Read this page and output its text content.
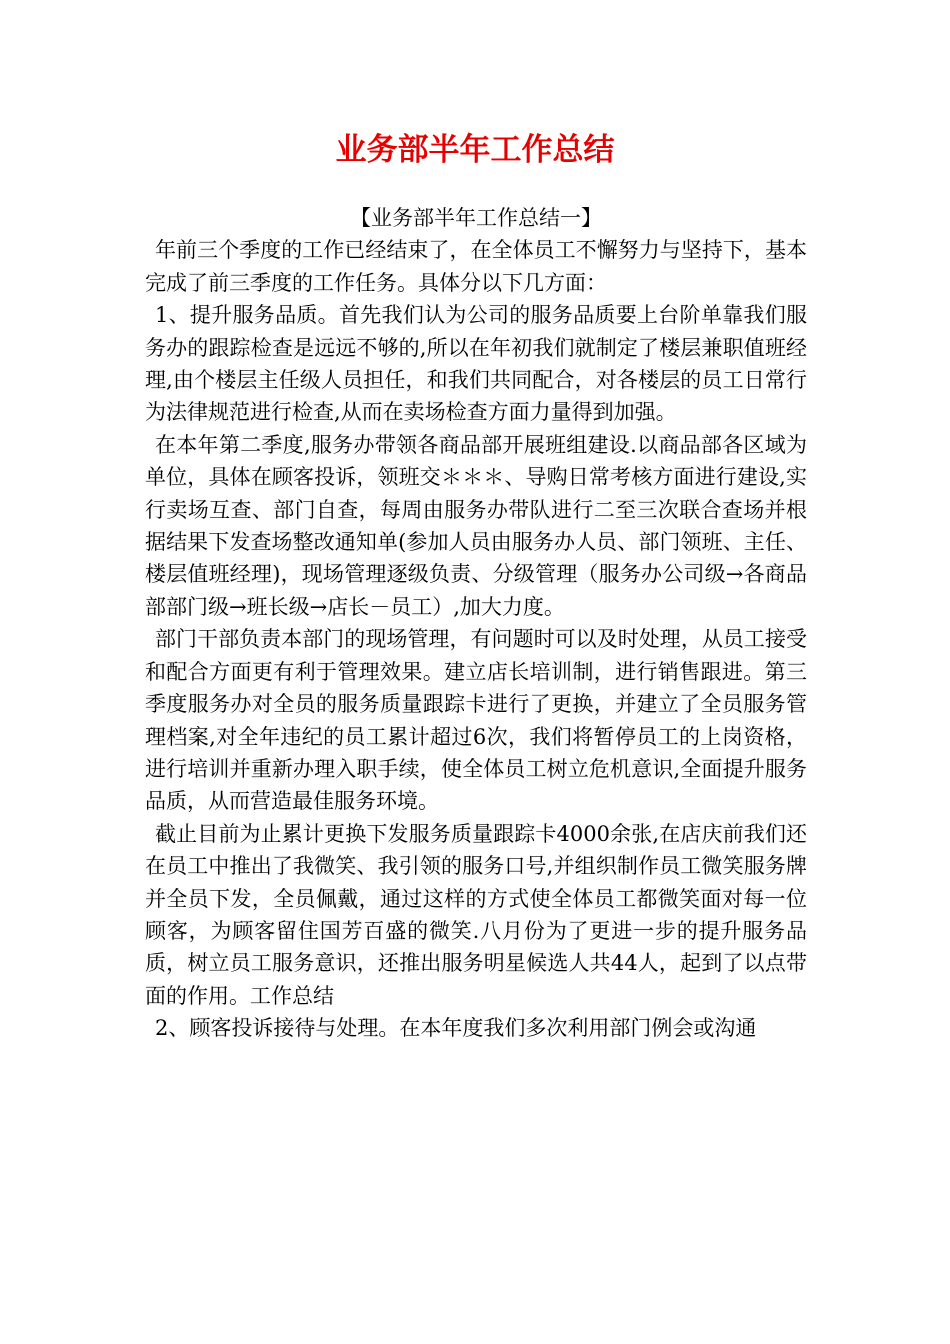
业务部半年工作总结

【业务部半年工作总结一】

年前三个季度的工作已经结束了，在全体员工不懈努力与坚持下，基本完成了前三季度的工作任务。具体分以下几方面：

1、提升服务品质。首先我们认为公司的服务品质要上台阶单靠我们服务办的跟踪检查是远远不够的,所以在年初我们就制定了楼层兼职值班经理,由个楼层主任级人员担任，和我们共同配合，对各楼层的员工日常行为法律规范进行检查,从而在卖场检查方面力量得到加强。

在本年第二季度,服务办带领各商品部开展班组建设.以商品部各区域为单位，具体在顾客投诉，领班交＊＊＊、导购日常考核方面进行建设,实行卖场互查、部门自查，每周由服务办带队进行二至三次联合查场并根据结果下发查场整改通知单(参加人员由服务办人员、部门领班、主任、楼层值班经理)，现场管理逐级负责、分级管理（服务办公司级→各商品部部门级→班长级→店长－员工）,加大力度。

部门干部负责本部门的现场管理，有问题时可以及时处理，从员工接受和配合方面更有利于管理效果。建立店长培训制，进行销售跟进。第三季度服务办对全员的服务质量跟踪卡进行了更换，并建立了全员服务管理档案,对全年违纪的员工累计超过6次，我们将暂停员工的上岗资格，进行培训并重新办理入职手续，使全体员工树立危机意识,全面提升服务品质，从而营造最佳服务环境。

截止目前为止累计更换下发服务质量跟踪卡4000余张,在店庆前我们还在员工中推出了我微笑、我引领的服务口号,并组织制作员工微笑服务牌并全员下发，全员佩戴，通过这样的方式使全体员工都微笑面对每一位顾客，为顾客留住国芳百盛的微笑.八月份为了更进一步的提升服务品质，树立员工服务意识，还推出服务明星候选人共44人，起到了以点带面的作用。工作总结

2、顾客投诉接待与处理。在本年度我们多次利用部门例会或沟通
